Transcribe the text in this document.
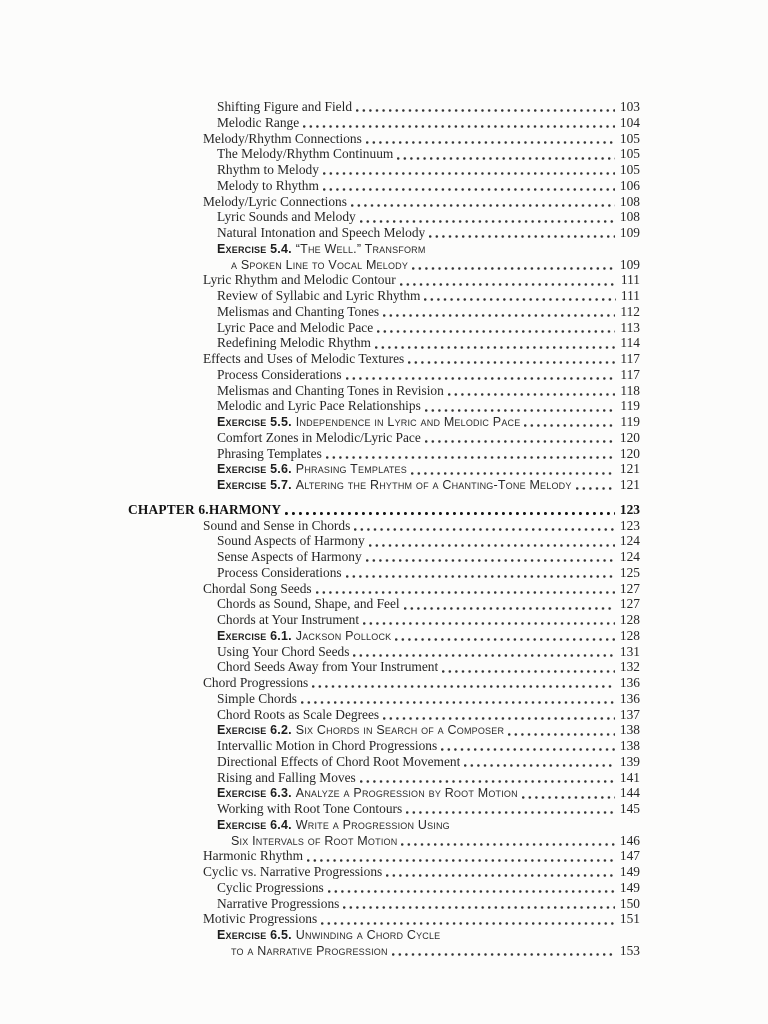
Shifting Figure and Field	103
Melodic Range	104
Melody/Rhythm Connections	105
The Melody/Rhythm Continuum	105
Rhythm to Melody	105
Melody to Rhythm	106
Melody/Lyric Connections	108
Lyric Sounds and Melody	108
Natural Intonation and Speech Melody	109
Exercise 5.4. “The Well.” Transform
a Spoken Line to Vocal Melody	109
Lyric Rhythm and Melodic Contour	111
Review of Syllabic and Lyric Rhythm	111
Melismas and Chanting Tones	112
Lyric Pace and Melodic Pace	113
Redefining Melodic Rhythm	114
Effects and Uses of Melodic Textures	117
Process Considerations	117
Melismas and Chanting Tones in Revision	118
Melodic and Lyric Pace Relationships	119
Exercise 5.5. Independence in Lyric and Melodic Pace	119
Comfort Zones in Melodic/Lyric Pace	120
Phrasing Templates	120
Exercise 5.6. Phrasing Templates	121
Exercise 5.7. Altering the Rhythm of a Chanting-Tone Melody	121
CHAPTER 6. HARMONY	123
Sound and Sense in Chords	123
Sound Aspects of Harmony	124
Sense Aspects of Harmony	124
Process Considerations	125
Chordal Song Seeds	127
Chords as Sound, Shape, and Feel	127
Chords at Your Instrument	128
Exercise 6.1. Jackson Pollock	128
Using Your Chord Seeds	131
Chord Seeds Away from Your Instrument	132
Chord Progressions	136
Simple Chords	136
Chord Roots as Scale Degrees	137
Exercise 6.2. Six Chords in Search of a Composer	138
Intervallic Motion in Chord Progressions	138
Directional Effects of Chord Root Movement	139
Rising and Falling Moves	141
Exercise 6.3. Analyze a Progression by Root Motion	144
Working with Root Tone Contours	145
Exercise 6.4. Write a Progression Using
Six Intervals of Root Motion	146
Harmonic Rhythm	147
Cyclic vs. Narrative Progressions	149
Cyclic Progressions	149
Narrative Progressions	150
Motivic Progressions	151
Exercise 6.5. Unwinding a Chord Cycle
to a Narrative Progression	153
